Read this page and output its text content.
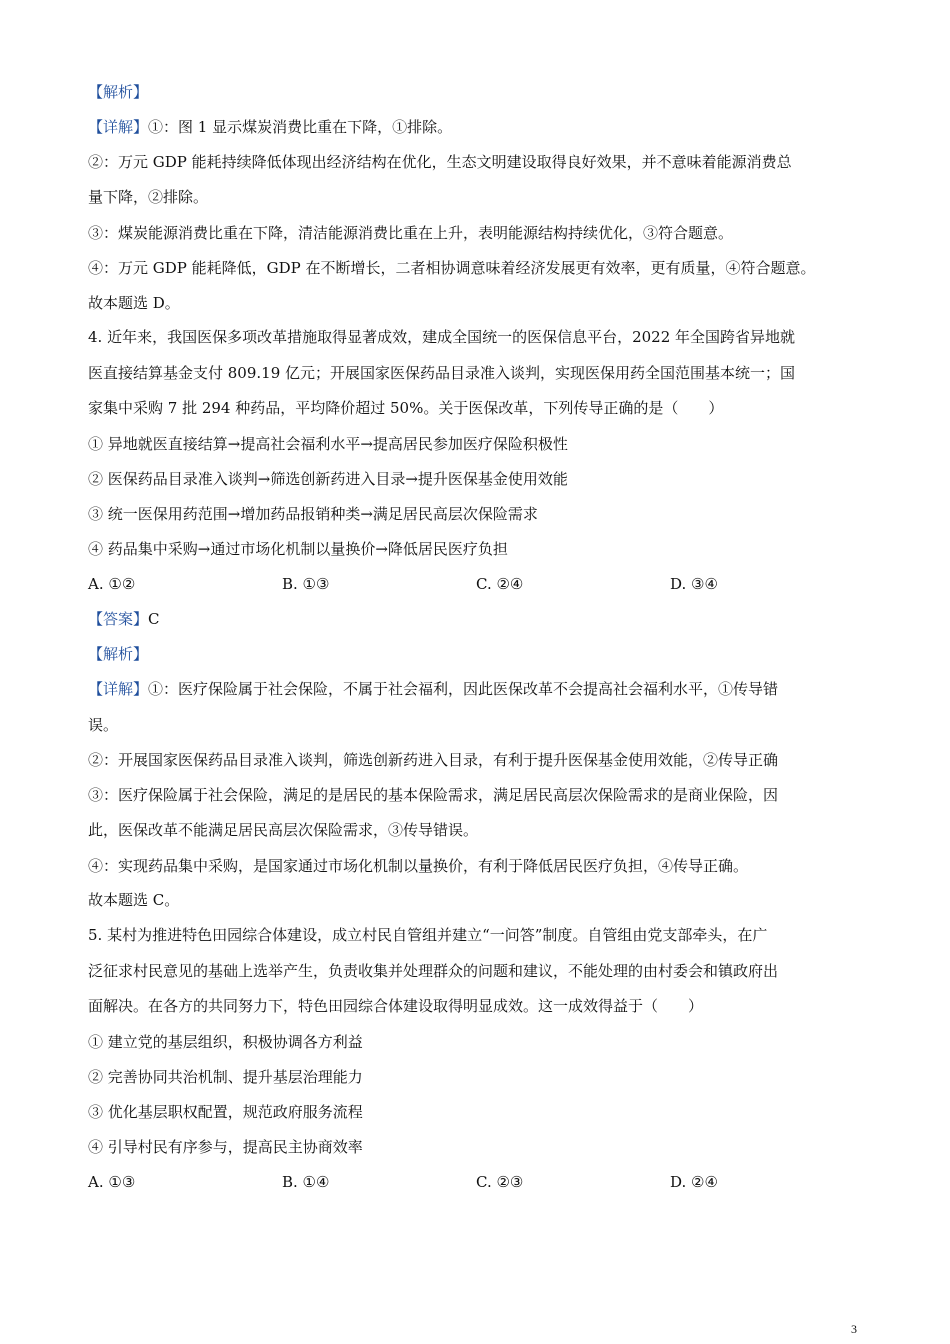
【解析】
【详解】①：图 1 显示煤炭消费比重在下降，①排除。
②：万元 GDP 能耗持续降低体现出经济结构在优化，生态文明建设取得良好效果，并不意味着能源消费总
量下降，②排除。
③：煤炭能源消费比重在下降，清洁能源消费比重在上升，表明能源结构持续优化，③符合题意。
④：万元 GDP 能耗降低，GDP 在不断增长，二者相协调意味着经济发展更有效率，更有质量，④符合题意。
故本题选 D。
4. 近年来，我国医保多项改革措施取得显著成效，建成全国统一的医保信息平台，2022 年全国跨省异地就
医直接结算基金支付 809.19 亿元；开展国家医保药品目录准入谈判，实现医保用药全国范围基本统一；国
家集中采购 7 批 294 种药品，平均降价超过 50%。关于医保改革，下列传导正确的是（　　）
① 异地就医直接结算→提高社会福利水平→提高居民参加医疗保险积极性
② 医保药品目录准入谈判→筛选创新药进入目录→提升医保基金使用效能
③ 统一医保用药范围→增加药品报销种类→满足居民高层次保险需求
④ 药品集中采购→通过市场化机制以量换价→降低居民医疗负担
A. ①②	B. ①③	C. ②④	D. ③④
【答案】C
【解析】
【详解】①：医疗保险属于社会保险，不属于社会福利，因此医保改革不会提高社会福利水平，①传导错
误。
②：开展国家医保药品目录准入谈判，筛选创新药进入目录，有利于提升医保基金使用效能，②传导正确
③：医疗保险属于社会保险，满足的是居民的基本保险需求，满足居民高层次保险需求的是商业保险，因
此，医保改革不能满足居民高层次保险需求，③传导错误。
④：实现药品集中采购，是国家通过市场化机制以量换价，有利于降低居民医疗负担，④传导正确。
故本题选 C。
5. 某村为推进特色田园综合体建设，成立村民自管组并建立“一问答”制度。自管组由党支部牵头，在广
泛征求村民意见的基础上选举产生，负责收集并处理群众的问题和建议，不能处理的由村委会和镇政府出
面解决。在各方的共同努力下，特色田园综合体建设取得明显成效。这一成效得益于（　　）
① 建立党的基层组织，积极协调各方利益
② 完善协同共治机制、提升基层治理能力
③ 优化基层职权配置，规范政府服务流程
④ 引导村民有序参与，提高民主协商效率
A. ①③	B. ①④	C. ②③	D. ②④
3
